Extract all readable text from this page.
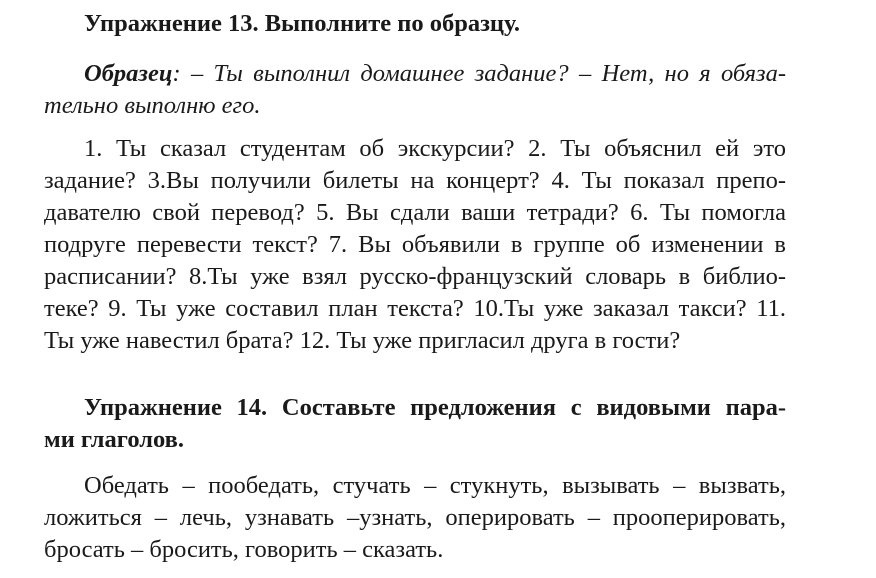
Упражнение 13. Выполните по образцу.
Образец: – Ты выполнил домашнее задание? – Нет, но я обяза-
тельно выполню его.
1. Ты сказал студентам об экскурсии? 2. Ты объяснил ей это
задание? 3.Вы получили билеты на концерт? 4. Ты показал препо-
давателю свой перевод? 5. Вы сдали ваши тетради? 6. Ты помогла
подруге перевести текст? 7. Вы объявили в группе об изменении в
расписании? 8.Ты уже взял русско-французский словарь в библио-
теке? 9. Ты уже составил план текста? 10.Ты уже заказал такси? 11.
Ты уже навестил брата? 12. Ты уже пригласил друга в гости?
Упражнение 14. Составьте предложения с видовыми пара-
ми глаголов.
Обедать – пообедать, стучать – стукнуть, вызывать – вызвать,
ложиться – лечь, узнавать –узнать, оперировать – прооперировать,
бросать – бросить, говорить – сказать.
